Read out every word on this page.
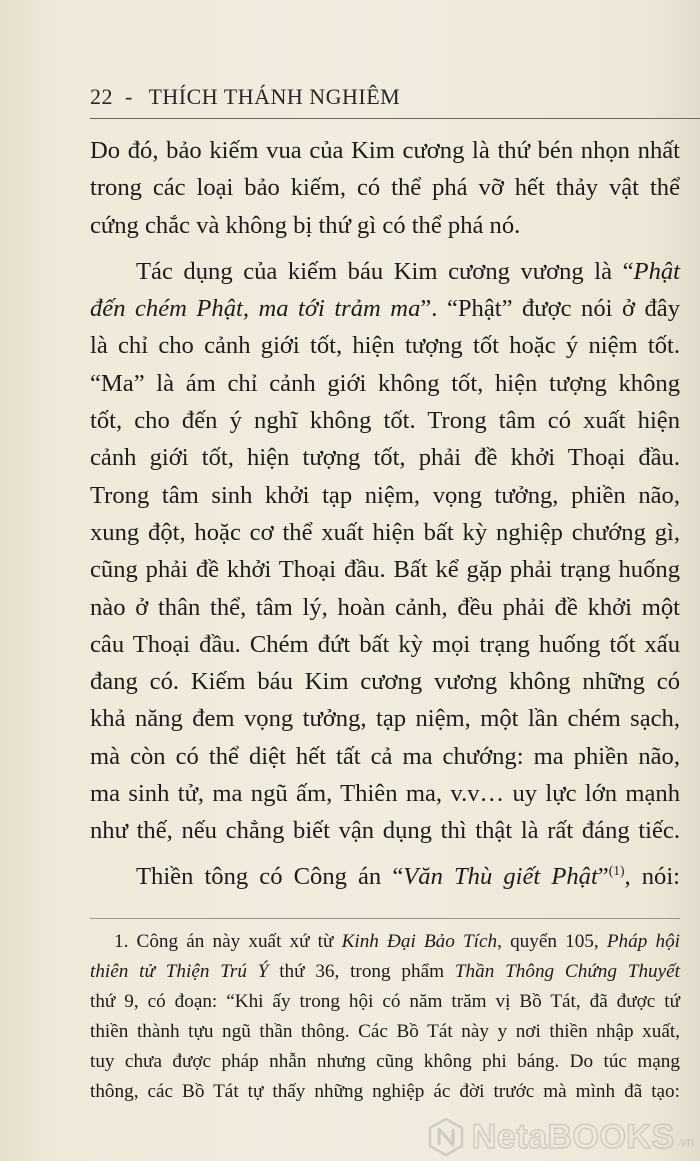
22 - THÍCH THÁNH NGHIÊM

Do đó, bảo kiếm vua của Kim cương là thứ bén nhọn nhất
trong các loại bảo kiếm, có thể phá vỡ hết thảy vật thể
cứng chắc và không bị thứ gì có thể phá nó.

Tác dụng của kiếm báu Kim cương vương là “Phật
đến chém Phật, ma tới trảm ma”. “Phật” được nói ở đây
là chỉ cho cảnh giới tốt, hiện tượng tốt hoặc ý niệm tốt.
“Ma” là ám chỉ cảnh giới không tốt, hiện tượng không
tốt, cho đến ý nghĩ không tốt. Trong tâm có xuất hiện
cảnh giới tốt, hiện tượng tốt, phải đề khởi Thoại đầu.
Trong tâm sinh khởi tạp niệm, vọng tưởng, phiền não,
xung đột, hoặc cơ thể xuất hiện bất kỳ nghiệp chướng gì,
cũng phải đề khởi Thoại đầu. Bất kể gặp phải trạng huống
nào ở thân thể, tâm lý, hoàn cảnh, đều phải đề khởi một
câu Thoại đầu. Chém đứt bất kỳ mọi trạng huống tốt xấu
đang có. Kiếm báu Kim cương vương không những có
khả năng đem vọng tưởng, tạp niệm, một lần chém sạch,
mà còn có thể diệt hết tất cả ma chướng: ma phiền não,
ma sinh tử, ma ngũ ấm, Thiên ma, v.v… uy lực lớn mạnh
như thế, nếu chẳng biết vận dụng thì thật là rất đáng tiếc.

Thiền tông có Công án “Văn Thù giết Phật”$^{(1)}$, nói:

1. Công án này xuất xứ từ Kinh Đại Bảo Tích, quyển 105, Pháp hội
thiên tử Thiện Trú Ý thứ 36, trong phẩm Thần Thông Chứng Thuyết
thứ 9, có đoạn: “Khi ấy trong hội có năm trăm vị Bồ Tát, đã được tứ
thiền thành tựu ngũ thần thông. Các Bồ Tát này y nơi thiền nhập xuất,
tuy chưa được pháp nhẫn nhưng cũng không phi báng. Do túc mạng
thông, các Bồ Tát tự thấy những nghiệp ác đời trước mà mình đã tạo:
NetaBOOKS .vn
